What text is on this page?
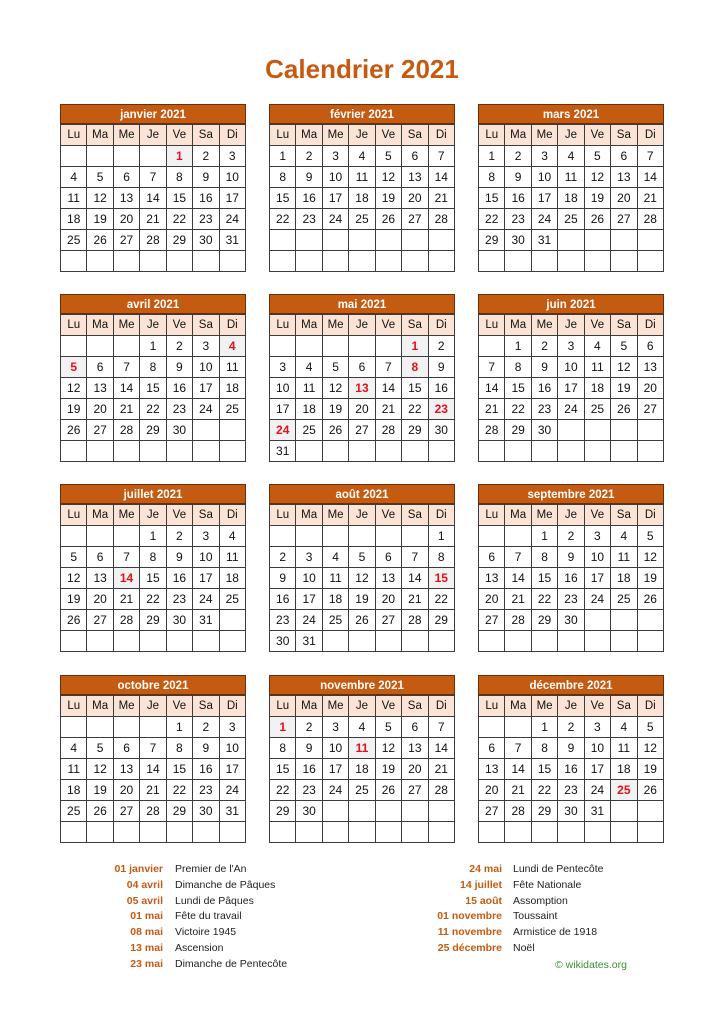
Calendrier 2021
janvier 2021
Lu	Ma	Me	Je	Ve	Sa	Di
				1	2	3
4	5	6	7	8	9	10
11	12	13	14	15	16	17
18	19	20	21	22	23	24
25	26	27	28	29	30	31

février 2021
Lu	Ma	Me	Je	Ve	Sa	Di
1	2	3	4	5	6	7
8	9	10	11	12	13	14
15	16	17	18	19	20	21
22	23	24	25	26	27	28

mars 2021
Lu	Ma	Me	Je	Ve	Sa	Di
1	2	3	4	5	6	7
8	9	10	11	12	13	14
15	16	17	18	19	20	21
22	23	24	25	26	27	28
29	30	31				

avril 2021
Lu	Ma	Me	Je	Ve	Sa	Di
			1	2	3	4
5	6	7	8	9	10	11
12	13	14	15	16	17	18
19	20	21	22	23	24	25
26	27	28	29	30		

mai 2021
Lu	Ma	Me	Je	Ve	Sa	Di
					1	2
3	4	5	6	7	8	9
10	11	12	13	14	15	16
17	18	19	20	21	22	23
24	25	26	27	28	29	30
31						
juin 2021
Lu	Ma	Me	Je	Ve	Sa	Di
	1	2	3	4	5	6
7	8	9	10	11	12	13
14	15	16	17	18	19	20
21	22	23	24	25	26	27
28	29	30				

juillet 2021
Lu	Ma	Me	Je	Ve	Sa	Di
			1	2	3	4
5	6	7	8	9	10	11
12	13	14	15	16	17	18
19	20	21	22	23	24	25
26	27	28	29	30	31	

août 2021
Lu	Ma	Me	Je	Ve	Sa	Di
						1
2	3	4	5	6	7	8
9	10	11	12	13	14	15
16	17	18	19	20	21	22
23	24	25	26	27	28	29
30	31					
septembre 2021
Lu	Ma	Me	Je	Ve	Sa	Di
		1	2	3	4	5
6	7	8	9	10	11	12
13	14	15	16	17	18	19
20	21	22	23	24	25	26
27	28	29	30			

octobre 2021
Lu	Ma	Me	Je	Ve	Sa	Di
				1	2	3
4	5	6	7	8	9	10
11	12	13	14	15	16	17
18	19	20	21	22	23	24
25	26	27	28	29	30	31

novembre 2021
Lu	Ma	Me	Je	Ve	Sa	Di
1	2	3	4	5	6	7
8	9	10	11	12	13	14
15	16	17	18	19	20	21
22	23	24	25	26	27	28
29	30					

décembre 2021
Lu	Ma	Me	Je	Ve	Sa	Di
		1	2	3	4	5
6	7	8	9	10	11	12
13	14	15	16	17	18	19
20	21	22	23	24	25	26
27	28	29	30	31		

01 janvier Premier de l'An
04 avril Dimanche de Pâques
05 avril Lundi de Pâques
01 mai Fête du travail
08 mai Victoire 1945
13 mai Ascension
23 mai Dimanche de Pentecôte
24 mai Lundi de Pentecôte
14 juillet Fête Nationale
15 août Assomption
01 novembre Toussaint
11 novembre Armistice de 1918
25 décembre Noël
© wikidates.org
